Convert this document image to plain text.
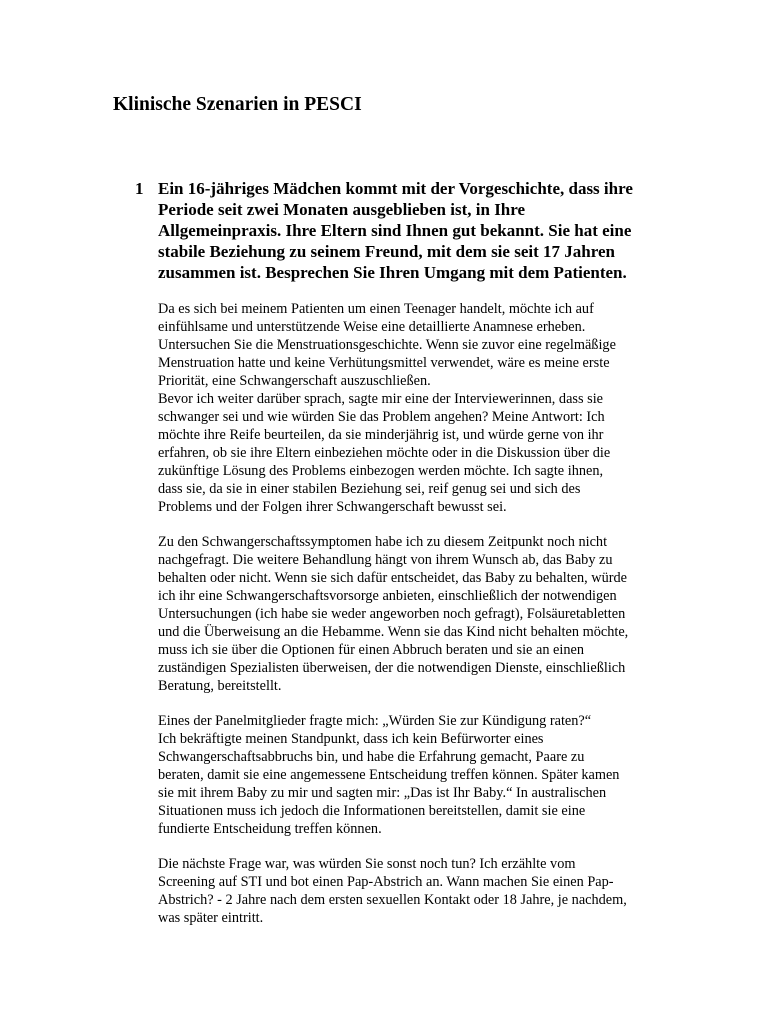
Klinische Szenarien in PESCI
1 Ein 16-jähriges Mädchen kommt mit der Vorgeschichte, dass ihre
Periode seit zwei Monaten ausgeblieben ist, in Ihre
Allgemeinpraxis. Ihre Eltern sind Ihnen gut bekannt. Sie hat eine
stabile Beziehung zu seinem Freund, mit dem sie seit 17 Jahren
zusammen ist. Besprechen Sie Ihren Umgang mit dem Patienten.

Da es sich bei meinem Patienten um einen Teenager handelt, möchte ich auf
einfühlsame und unterstützende Weise eine detaillierte Anamnese erheben.
Untersuchen Sie die Menstruationsgeschichte. Wenn sie zuvor eine regelmäßige
Menstruation hatte und keine Verhütungsmittel verwendet, wäre es meine erste
Priorität, eine Schwangerschaft auszuschließen.
Bevor ich weiter darüber sprach, sagte mir eine der Interviewerinnen, dass sie
schwanger sei und wie würden Sie das Problem angehen? Meine Antwort: Ich
möchte ihre Reife beurteilen, da sie minderjährig ist, und würde gerne von ihr
erfahren, ob sie ihre Eltern einbeziehen möchte oder in die Diskussion über die
zukünftige Lösung des Problems einbezogen werden möchte. Ich sagte ihnen,
dass sie, da sie in einer stabilen Beziehung sei, reif genug sei und sich des
Problems und der Folgen ihrer Schwangerschaft bewusst sei.

Zu den Schwangerschaftssymptomen habe ich zu diesem Zeitpunkt noch nicht
nachgefragt. Die weitere Behandlung hängt von ihrem Wunsch ab, das Baby zu
behalten oder nicht. Wenn sie sich dafür entscheidet, das Baby zu behalten, würde
ich ihr eine Schwangerschaftsvorsorge anbieten, einschließlich der notwendigen
Untersuchungen (ich habe sie weder angeworben noch gefragt), Folsäuretabletten
und die Überweisung an die Hebamme. Wenn sie das Kind nicht behalten möchte,
muss ich sie über die Optionen für einen Abbruch beraten und sie an einen
zuständigen Spezialisten überweisen, der die notwendigen Dienste, einschließlich
Beratung, bereitstellt.

Eines der Panelmitglieder fragte mich: „Würden Sie zur Kündigung raten?“
Ich bekräftigte meinen Standpunkt, dass ich kein Befürworter eines
Schwangerschaftsabbruchs bin, und habe die Erfahrung gemacht, Paare zu
beraten, damit sie eine angemessene Entscheidung treffen können. Später kamen
sie mit ihrem Baby zu mir und sagten mir: „Das ist Ihr Baby.“ In australischen
Situationen muss ich jedoch die Informationen bereitstellen, damit sie eine
fundierte Entscheidung treffen können.

Die nächste Frage war, was würden Sie sonst noch tun? Ich erzählte vom
Screening auf STI und bot einen Pap-Abstrich an. Wann machen Sie einen Pap-
Abstrich? - 2 Jahre nach dem ersten sexuellen Kontakt oder 18 Jahre, je nachdem,
was später eintritt.
